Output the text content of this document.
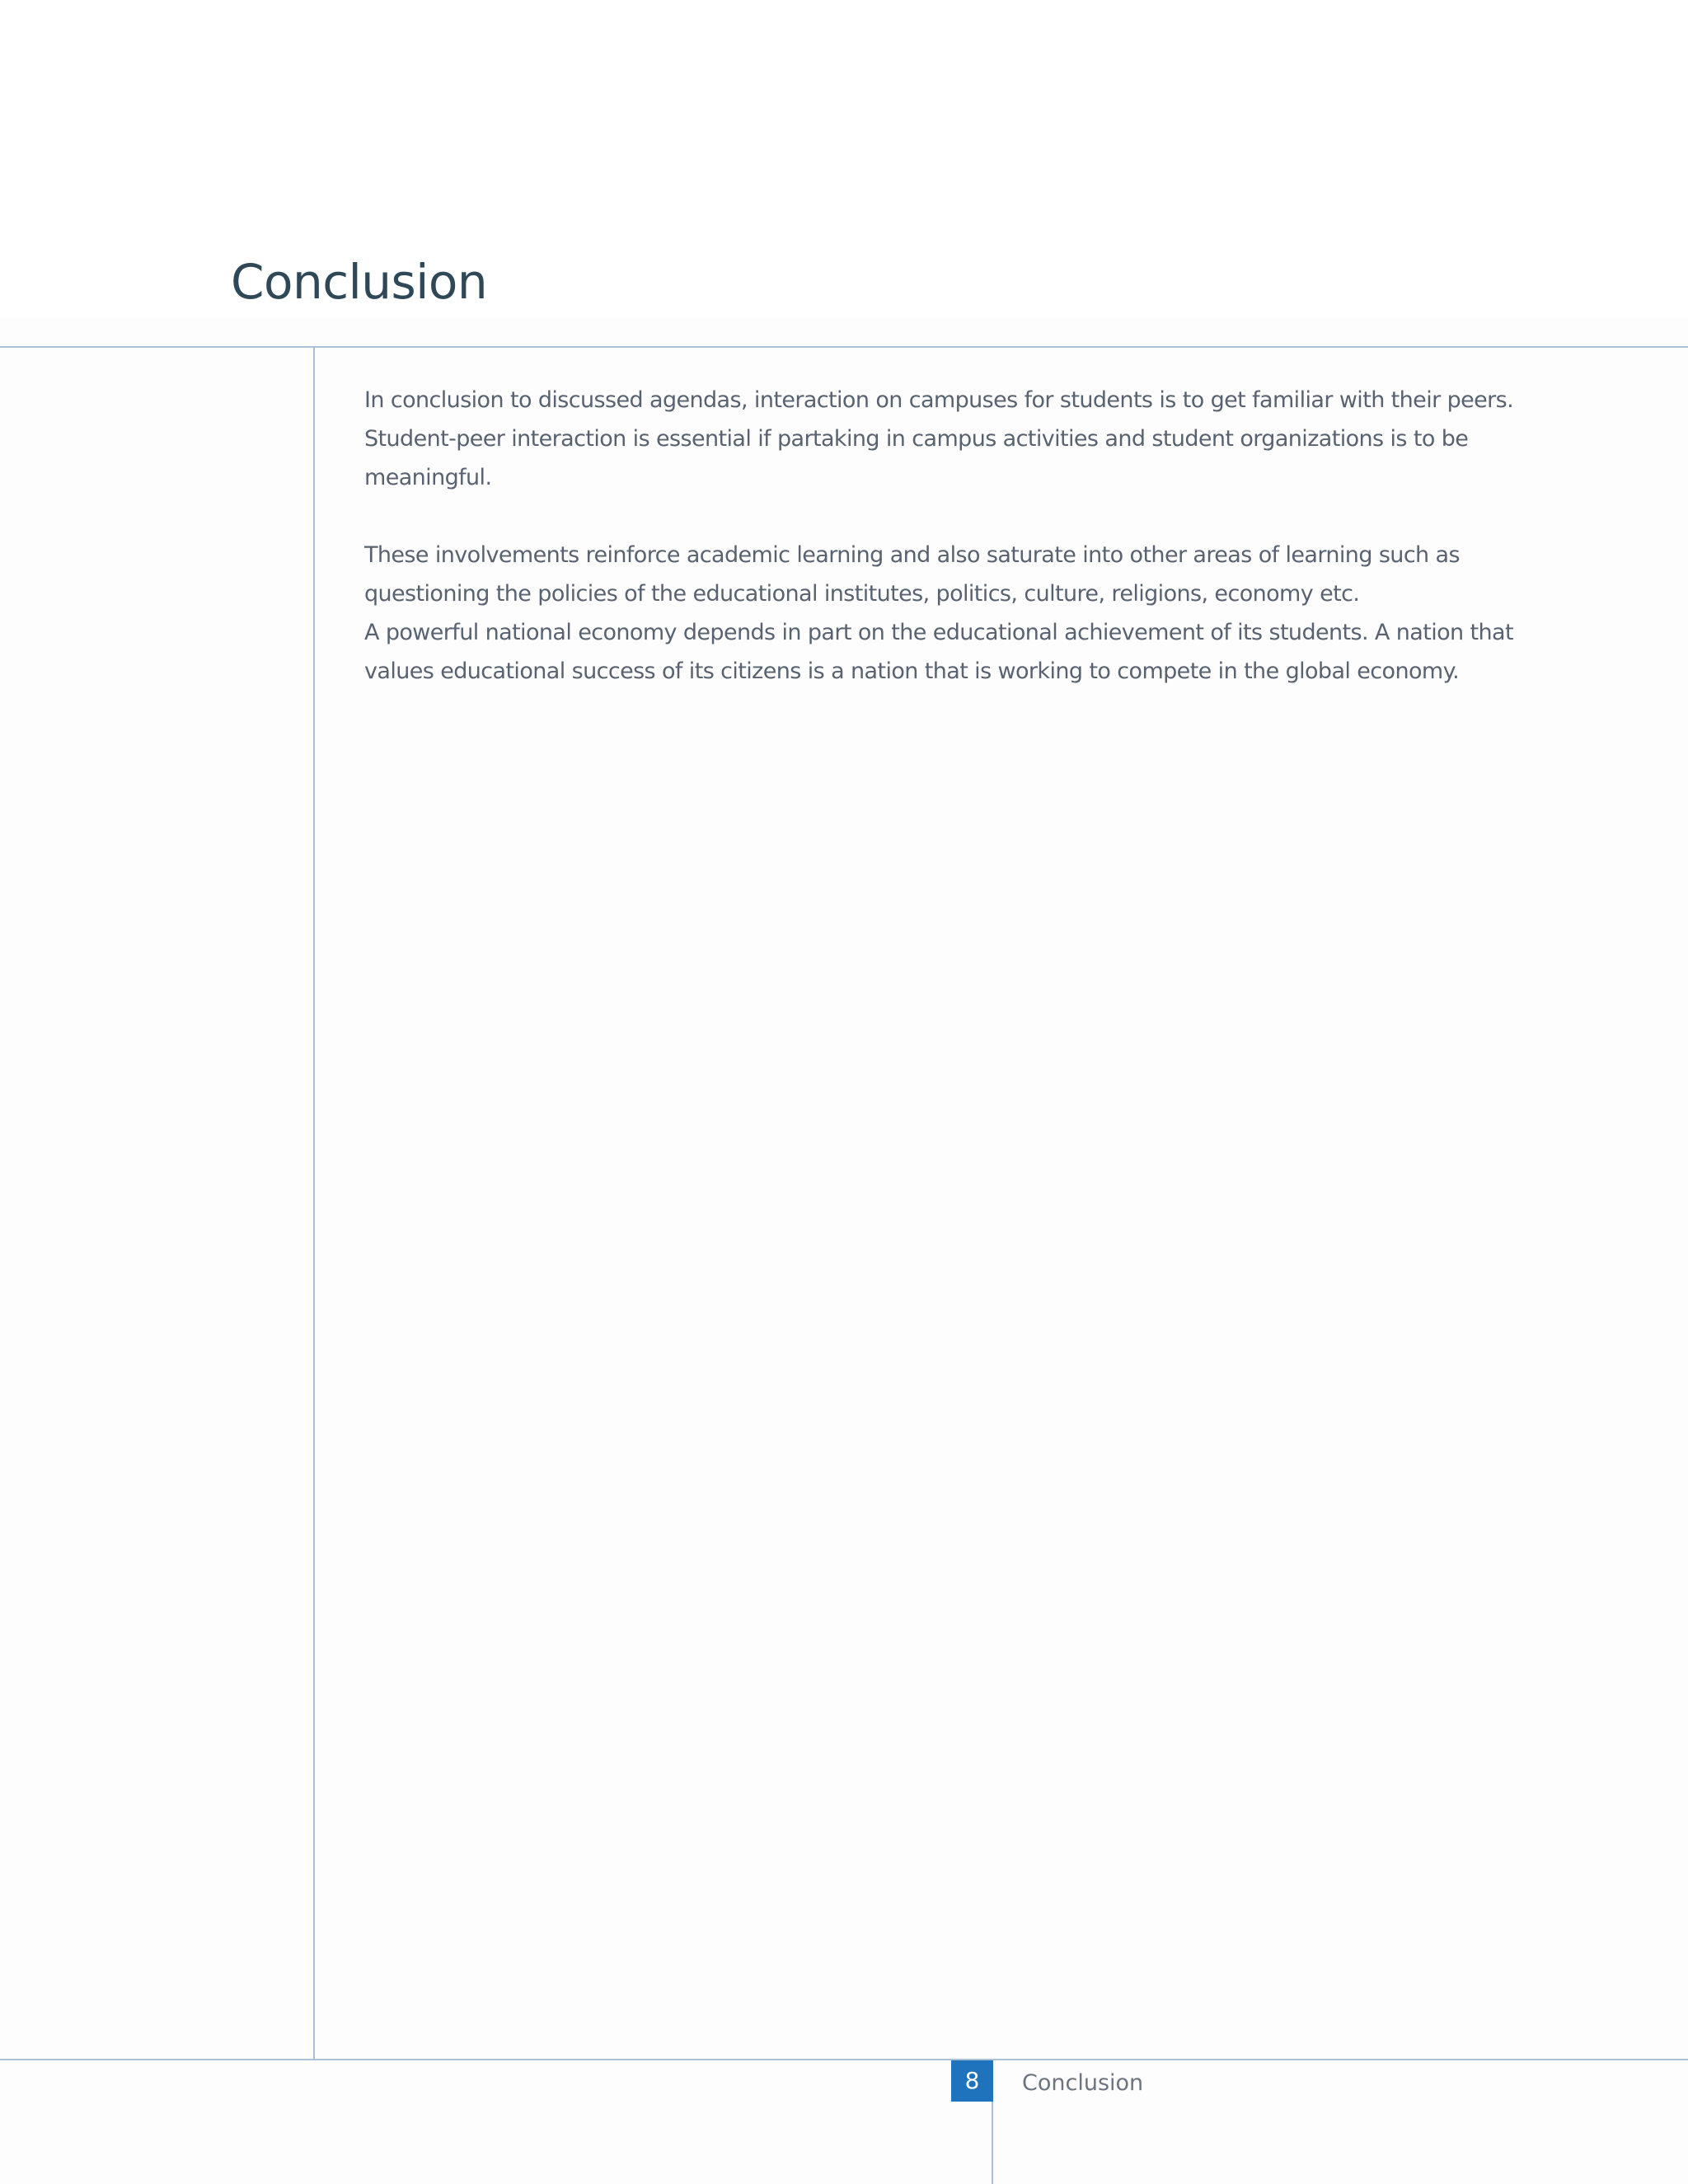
Conclusion

In conclusion to discussed agendas, interaction on campuses for students is to get familiar with their peers. Student-peer interaction is essential if partaking in campus activities and student organizations is to be meaningful.

These involvements reinforce academic learning and also saturate into other areas of learning such as questioning the policies of the educational institutes, politics, culture, religions, economy etc.

A powerful national economy depends in part on the educational achievement of its students. A nation that values educational success of its citizens is a nation that is working to compete in the global economy.

8	Conclusion
